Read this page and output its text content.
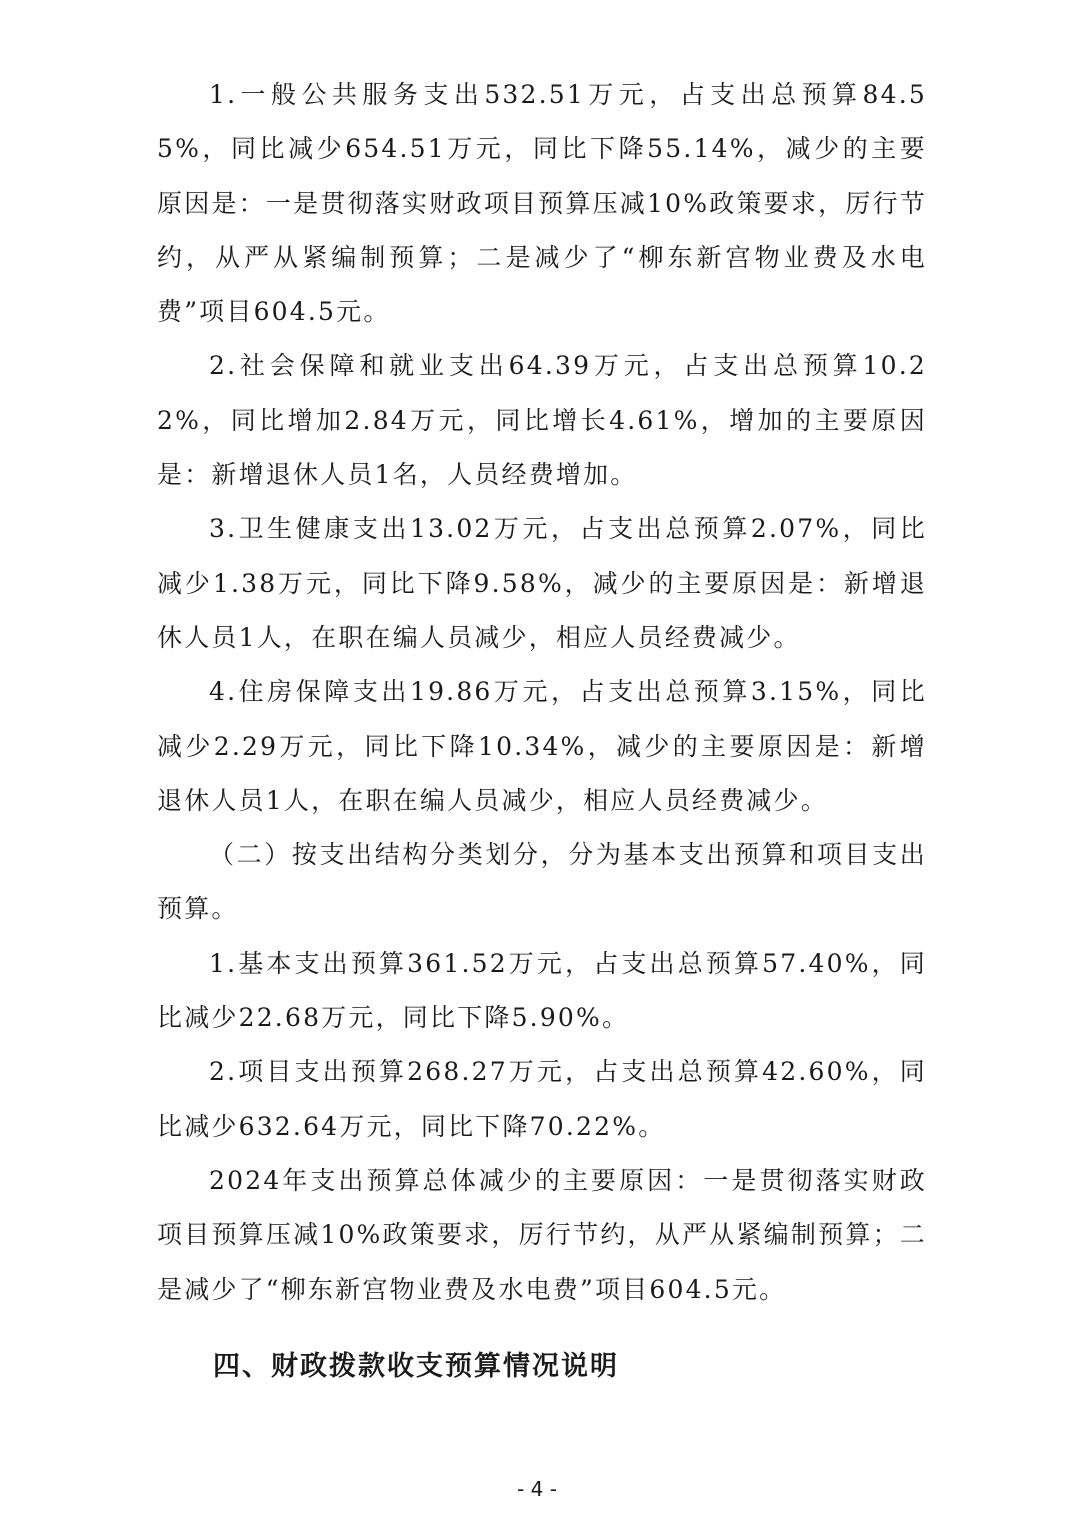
1.一般公共服务支出532.51万元，占支出总预算84.55%，同比减少654.51万元，同比下降55.14%，减少的主要原因是：一是贯彻落实财政项目预算压减10%政策要求，厉行节约，从严从紧编制预算；二是减少了“柳东新宫物业费及水电费”项目604.5元。

2.社会保障和就业支出64.39万元，占支出总预算10.22%，同比增加2.84万元，同比增长4.61%，增加的主要原因是：新增退休人员1名，人员经费增加。

3.卫生健康支出13.02万元，占支出总预算2.07%，同比减少1.38万元，同比下降9.58%，减少的主要原因是：新增退休人员1人，在职在编人员减少，相应人员经费减少。

4.住房保障支出19.86万元，占支出总预算3.15%，同比减少2.29万元，同比下降10.34%，减少的主要原因是：新增退休人员1人，在职在编人员减少，相应人员经费减少。

（二）按支出结构分类划分，分为基本支出预算和项目支出预算。

1.基本支出预算361.52万元，占支出总预算57.40%，同比减少22.68万元，同比下降5.90%。

2.项目支出预算268.27万元，占支出总预算42.60%，同比减少632.64万元，同比下降70.22%。

2024年支出预算总体减少的主要原因：一是贯彻落实财政项目预算压减10%政策要求，厉行节约，从严从紧编制预算；二是减少了“柳东新宫物业费及水电费”项目604.5元。

四、财政拨款收支预算情况说明
- 4 -
